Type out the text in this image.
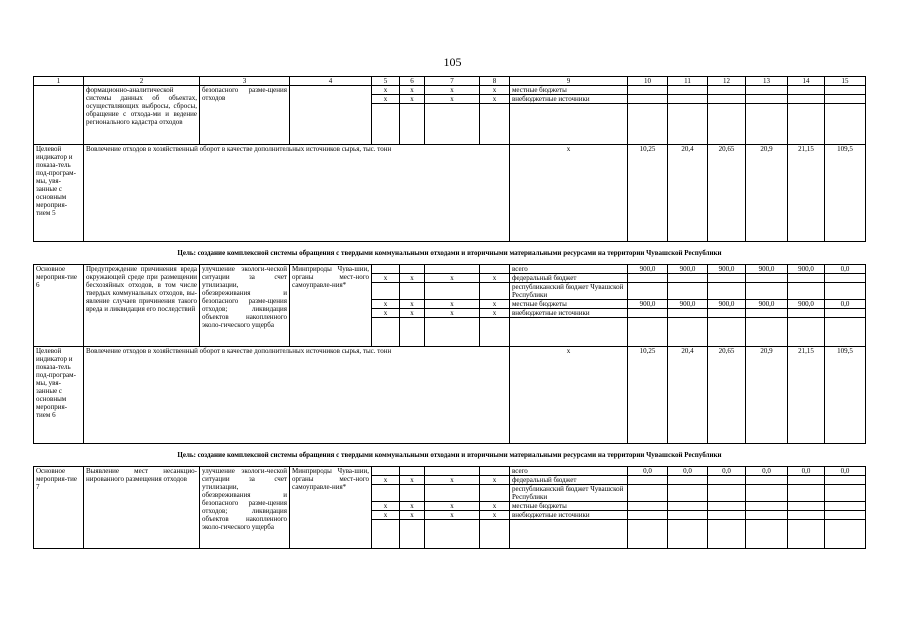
105
1	2	3	4	5	6	7	8	9	10	11	12	13	14	15
	формационно-аналитической системы данных об объектах, осуществляющих выбросы, сбросы, обращение с отхода-ми и ведение регионального кадастра отходов	безопасного разме-щения отходов		x	x	x	x	местные бюджеты						
				x	x	x	x	внебюджетные источники						

Целевой индикатор и показа-тель под-програм-мы, увя-занные с основным мероприя-тием 5	Вовлечение отходов в хозяйственный оборот в качестве дополнительных источников сырья, тыс. тонн							x	10,25	20,4	20,65	20,9	21,15	109,5
Цель: создание комплексной системы обращения с твердыми коммунальными отходами и вторичными материальными ресурсами на территории Чувашской Республики														
Основное мероприя-тие 6	Предупреждение причинения вреда окружающей среде при размещении бесхозяйных отходов, в том числе твердых коммунальных отходов, вы-явление случаев причинения такого вреда и ликвидация его последствий	улучшение экологи-ческой ситуации за счет утилизации, обезвреживания и безопасного разме-щения отходов; ликвидация объектов накопленного эколо-гического ущерба	Минприроды Чува-шии, органы мест-ного самоуправле-ния*					всего	900,0	900,0	900,0	900,0	900,0	0,0
				x	x	x	x	федеральный бюджет						
								республиканский бюджет Чувашской Республики						
				x	x	x	x	местные бюджеты	900,0	900,0	900,0	900,0	900,0	0,0
				x	x	x	x	внебюджетные источники						

Целевой индикатор и показа-тель под-програм-мы, увя-занные с основным мероприя-тием 6	Вовлечение отходов в хозяйственный оборот в качестве дополнительных источников сырья, тыс. тонн							x	10,25	20,4	20,65	20,9	21,15	109,5
Цель: создание комплексной системы обращения с твердыми коммунальными отходами и вторичными материальными ресурсами на территории Чувашской Республики														
Основное мероприя-тие 7	Выявление мест несанкцио-нированного размещения отходов	улучшение экологи-ческой ситуации за счет утилизации, обезвреживания и безопасного разме-щения отходов; ликвидация объектов накопленного эколо-гического ущерба	Минприроды Чува-шии, органы мест-ного самоуправле-ния*					всего	0,0	0,0	0,0	0,0	0,0	0,0
				x	x	x	x	федеральный бюджет						
								республиканский бюджет Чувашской Республики						
				x	x	x	x	местные бюджеты						
				x	x	x	x	внебюджетные источники						
